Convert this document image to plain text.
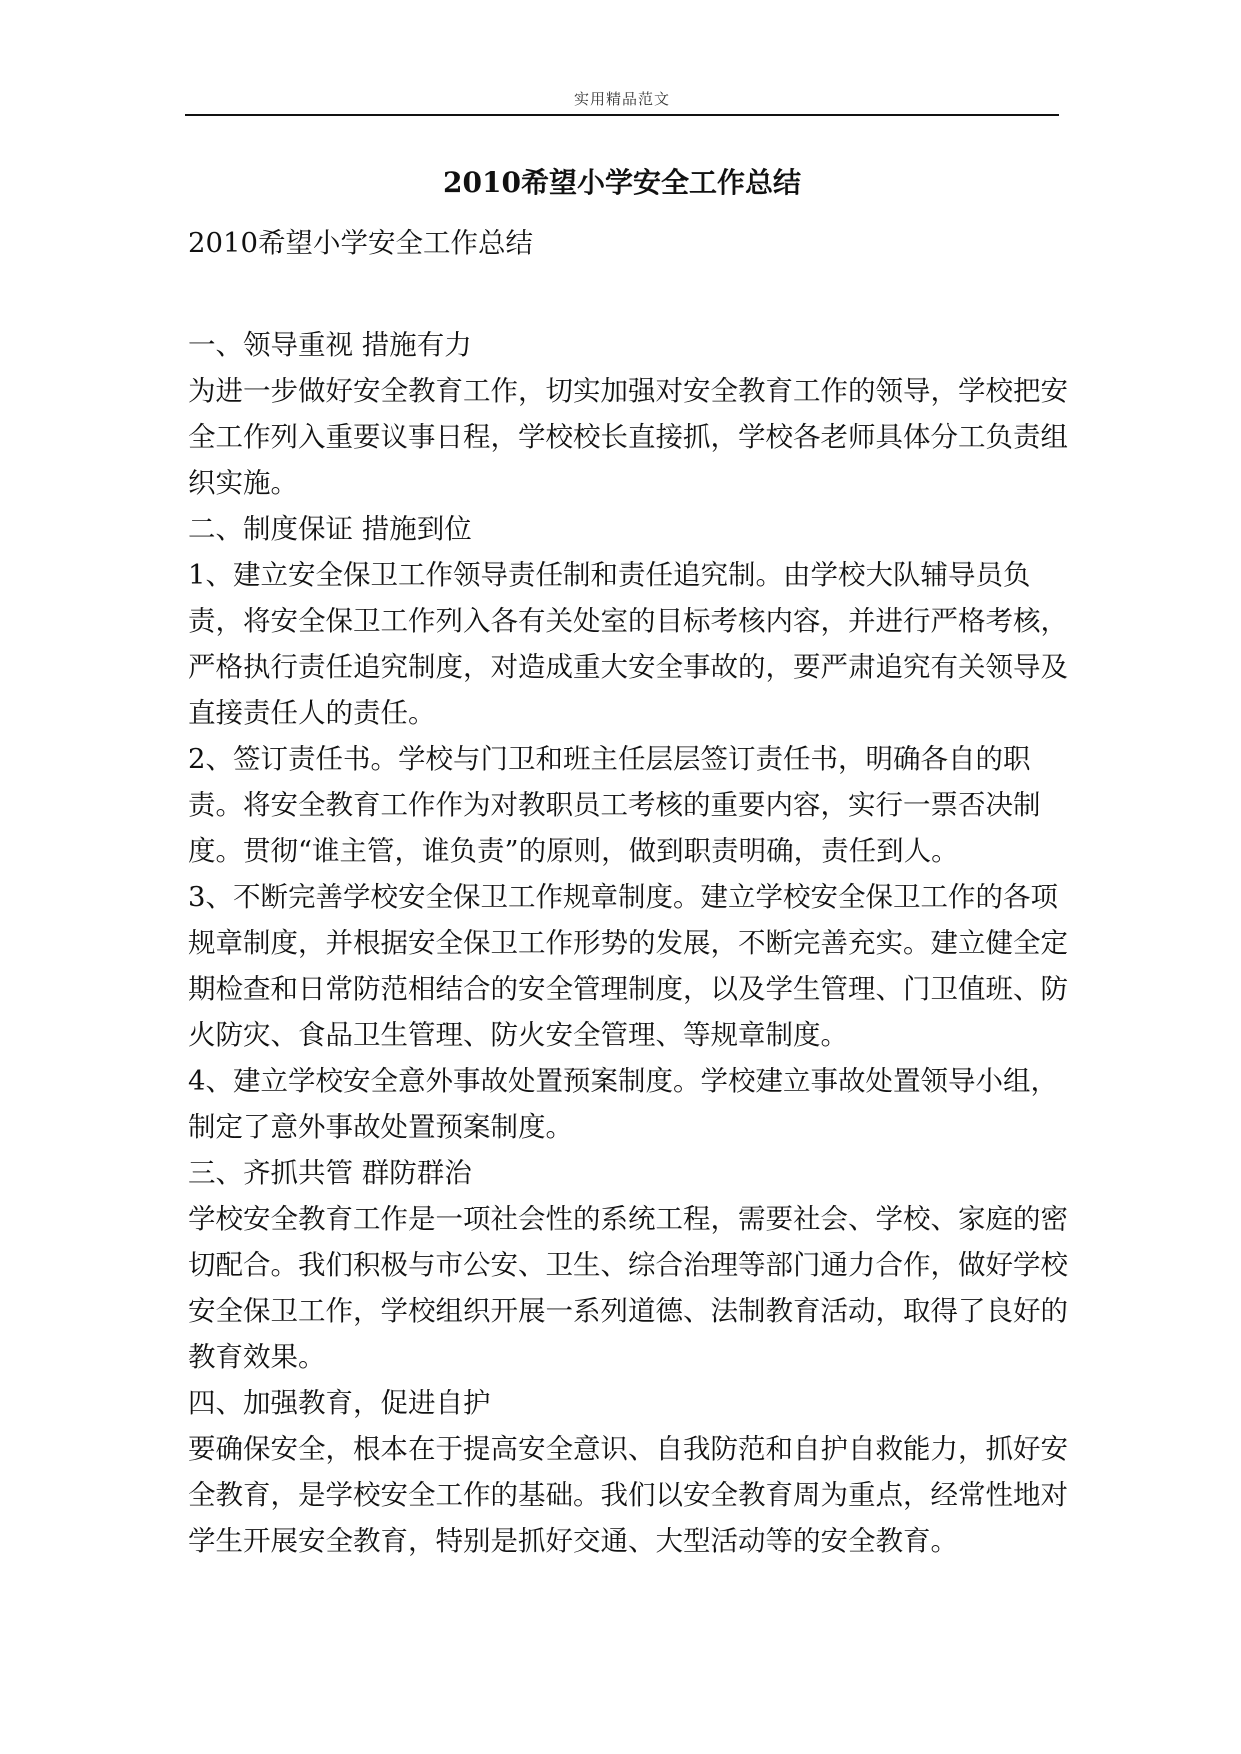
实用精品范文
2010希望小学安全工作总结

2010希望小学安全工作总结

一、领导重视 措施有力

为进一步做好安全教育工作，切实加强对安全教育工作的领导，学校把安全工作列入重要议事日程，学校校长直接抓，学校各老师具体分工负责组织实施。

二、制度保证 措施到位

1、建立安全保卫工作领导责任制和责任追究制。由学校大队辅导员负责，将安全保卫工作列入各有关处室的目标考核内容，并进行严格考核，严格执行责任追究制度，对造成重大安全事故的，要严肃追究有关领导及直接责任人的责任。

2、签订责任书。学校与门卫和班主任层层签订责任书，明确各自的职责。将安全教育工作作为对教职员工考核的重要内容，实行一票否决制度。贯彻“谁主管，谁负责”的原则，做到职责明确，责任到人。

3、不断完善学校安全保卫工作规章制度。建立学校安全保卫工作的各项规章制度，并根据安全保卫工作形势的发展，不断完善充实。建立健全定期检查和日常防范相结合的安全管理制度，以及学生管理、门卫值班、防火防灾、食品卫生管理、防火安全管理、等规章制度。

4、建立学校安全意外事故处置预案制度。学校建立事故处置领导小组，制定了意外事故处置预案制度。

三、齐抓共管 群防群治

学校安全教育工作是一项社会性的系统工程，需要社会、学校、家庭的密切配合。我们积极与市公安、卫生、综合治理等部门通力合作，做好学校安全保卫工作，学校组织开展一系列道德、法制教育活动，取得了良好的教育效果。

四、加强教育，促进自护

要确保安全，根本在于提高安全意识、自我防范和自护自救能力，抓好安全教育，是学校安全工作的基础。我们以安全教育周为重点，经常性地对学生开展安全教育，特别是抓好交通、大型活动等的安全教育。
